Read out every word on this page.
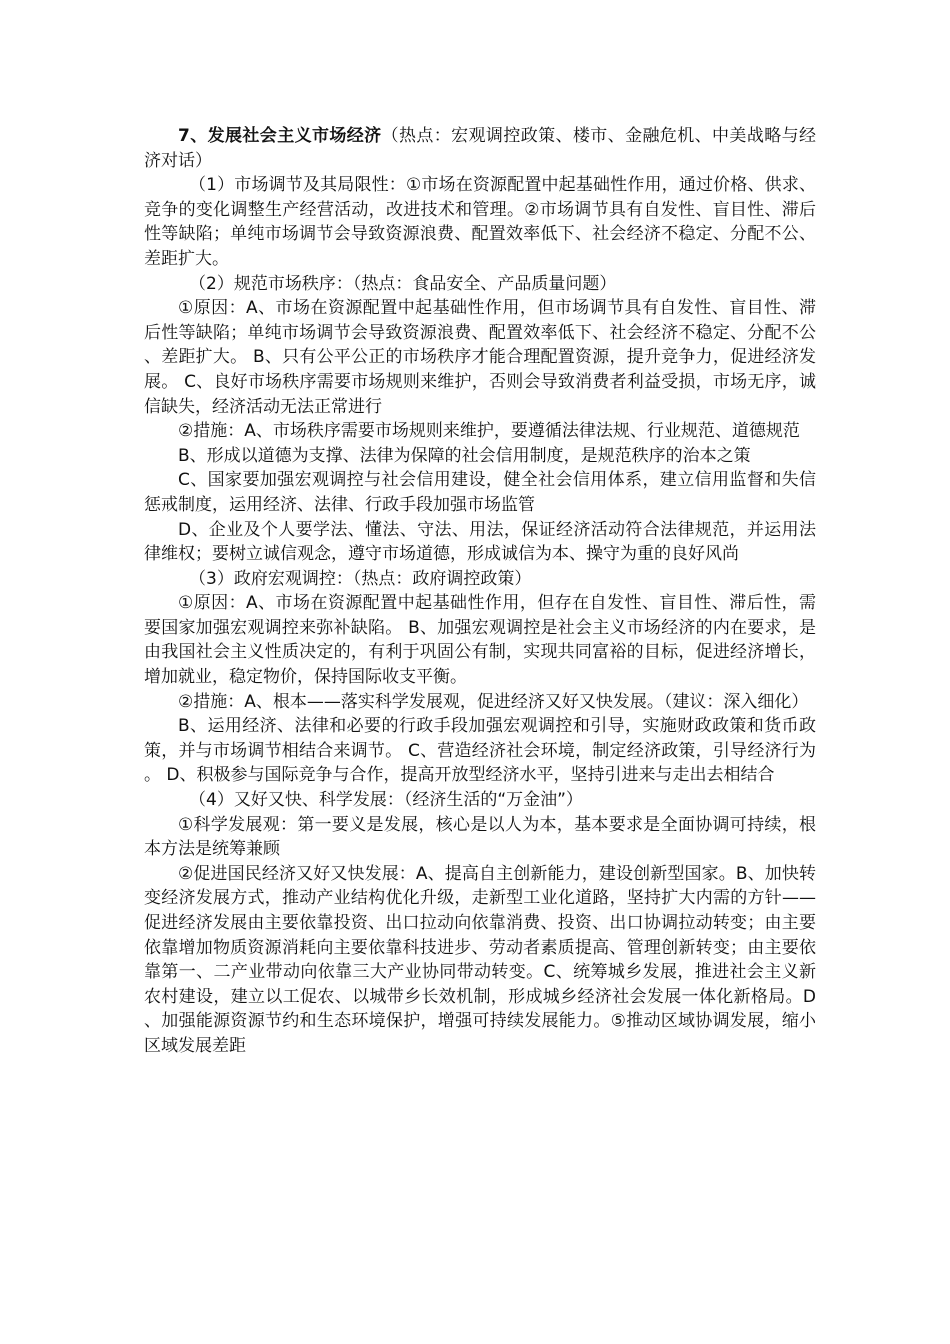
7、发展社会主义市场经济（热点：宏观调控政策、楼市、金融危机、中美战略与经济对话）

（1）市场调节及其局限性：①市场在资源配置中起基础性作用，通过价格、供求、竞争的变化调整生产经营活动，改进技术和管理。②市场调节具有自发性、盲目性、滞后性等缺陷；单纯市场调节会导致资源浪费、配置效率低下、社会经济不稳定、分配不公、差距扩大。

（2）规范市场秩序：（热点：食品安全、产品质量问题）

①原因：A、市场在资源配置中起基础性作用，但市场调节具有自发性、盲目性、滞后性等缺陷；单纯市场调节会导致资源浪费、配置效率低下、社会经济不稳定、分配不公、差距扩大。 B、只有公平公正的市场秩序才能合理配置资源，提升竞争力，促进经济发展。 C、良好市场秩序需要市场规则来维护，否则会导致消费者利益受损，市场无序，诚信缺失，经济活动无法正常进行

②措施：A、市场秩序需要市场规则来维护，要遵循法律法规、行业规范、道德规范

B、形成以道德为支撑、法律为保障的社会信用制度，是规范秩序的治本之策

C、国家要加强宏观调控与社会信用建设，健全社会信用体系，建立信用监督和失信惩戒制度，运用经济、法律、行政手段加强市场监管

D、企业及个人要学法、懂法、守法、用法，保证经济活动符合法律规范，并运用法律维权；要树立诚信观念，遵守市场道德，形成诚信为本、操守为重的良好风尚

（3）政府宏观调控：（热点：政府调控政策）

①原因：A、市场在资源配置中起基础性作用，但存在自发性、盲目性、滞后性，需要国家加强宏观调控来弥补缺陷。 B、加强宏观调控是社会主义市场经济的内在要求，是由我国社会主义性质决定的，有利于巩固公有制，实现共同富裕的目标，促进经济增长，增加就业，稳定物价，保持国际收支平衡。

②措施：A、根本——落实科学发展观，促进经济又好又快发展。（建议：深入细化）

B、运用经济、法律和必要的行政手段加强宏观调控和引导，实施财政政策和货币政策，并与市场调节相结合来调节。 C、营造经济社会环境，制定经济政策，引导经济行为。 D、积极参与国际竞争与合作，提高开放型经济水平，坚持引进来与走出去相结合

（4）又好又快、科学发展：（经济生活的“万金油”）

①科学发展观：第一要义是发展，核心是以人为本，基本要求是全面协调可持续，根本方法是统筹兼顾

②促进国民经济又好又快发展：A、提高自主创新能力，建设创新型国家。B、加快转变经济发展方式，推动产业结构优化升级，走新型工业化道路，坚持扩大内需的方针——促进经济发展由主要依靠投资、出口拉动向依靠消费、投资、出口协调拉动转变；由主要依靠增加物质资源消耗向主要依靠科技进步、劳动者素质提高、管理创新转变；由主要依靠第一、二产业带动向依靠三大产业协同带动转变。C、统筹城乡发展，推进社会主义新农村建设，建立以工促农、以城带乡长效机制，形成城乡经济社会发展一体化新格局。D、加强能源资源节约和生态环境保护，增强可持续发展能力。⑤推动区域协调发展，缩小区域发展差距
